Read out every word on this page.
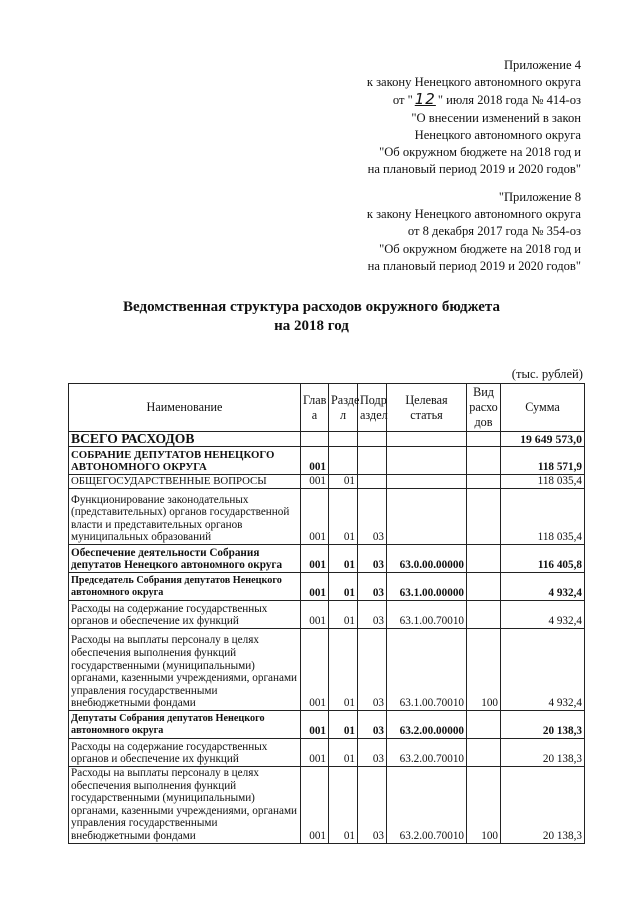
Приложение 4
к закону Ненецкого автономного округа
от " 12 " июля 2018 года № 414-оз
"О внесении изменений в закон
Ненецкого автономного округа
"Об окружном бюджете на 2018 год и
на плановый период 2019 и 2020 годов"
"Приложение 8
к закону Ненецкого автономного округа
от 8 декабря 2017 года № 354-оз
"Об окружном бюджете на 2018 год и
на плановый период 2019 и 2020 годов"
Ведомственная структура расходов окружного бюджета
на 2018 год
(тыс. рублей)
Наименование	Глав а	Разде л	Подр аздел	Целевая статья	Вид расхо дов	Сумма
ВСЕГО РАСХОДОВ						19 649 573,0
СОБРАНИЕ ДЕПУТАТОВ НЕНЕЦКОГО АВТОНОМНОГО ОКРУГА	001					118 571,9
ОБЩЕГОСУДАРСТВЕННЫЕ ВОПРОСЫ	001	01				118 035,4
Функционирование законодательных (представительных) органов государственной власти и представительных органов муниципальных образований	001	01	03			118 035,4
Обеспечение деятельности Собрания депутатов Ненецкого автономного округа	001	01	03	63.0.00.00000		116 405,8
Председатель Собрания депутатов Ненецкого автономного округа	001	01	03	63.1.00.00000		4 932,4
Расходы на содержание государственных органов и обеспечение их функций	001	01	03	63.1.00.70010		4 932,4
Расходы на выплаты персоналу в целях обеспечения выполнения функций государственными (муниципальными) органами, казенными учреждениями, органами управления государственными внебюджетными фондами	001	01	03	63.1.00.70010	100	4 932,4
Депутаты Собрания депутатов Ненецкого автономного округа	001	01	03	63.2.00.00000		20 138,3
Расходы на содержание государственных органов и обеспечение их функций	001	01	03	63.2.00.70010		20 138,3
Расходы на выплаты персоналу в целях обеспечения выполнения функций государственными (муниципальными) органами, казенными учреждениями, органами управления государственными внебюджетными фондами	001	01	03	63.2.00.70010	100	20 138,3
